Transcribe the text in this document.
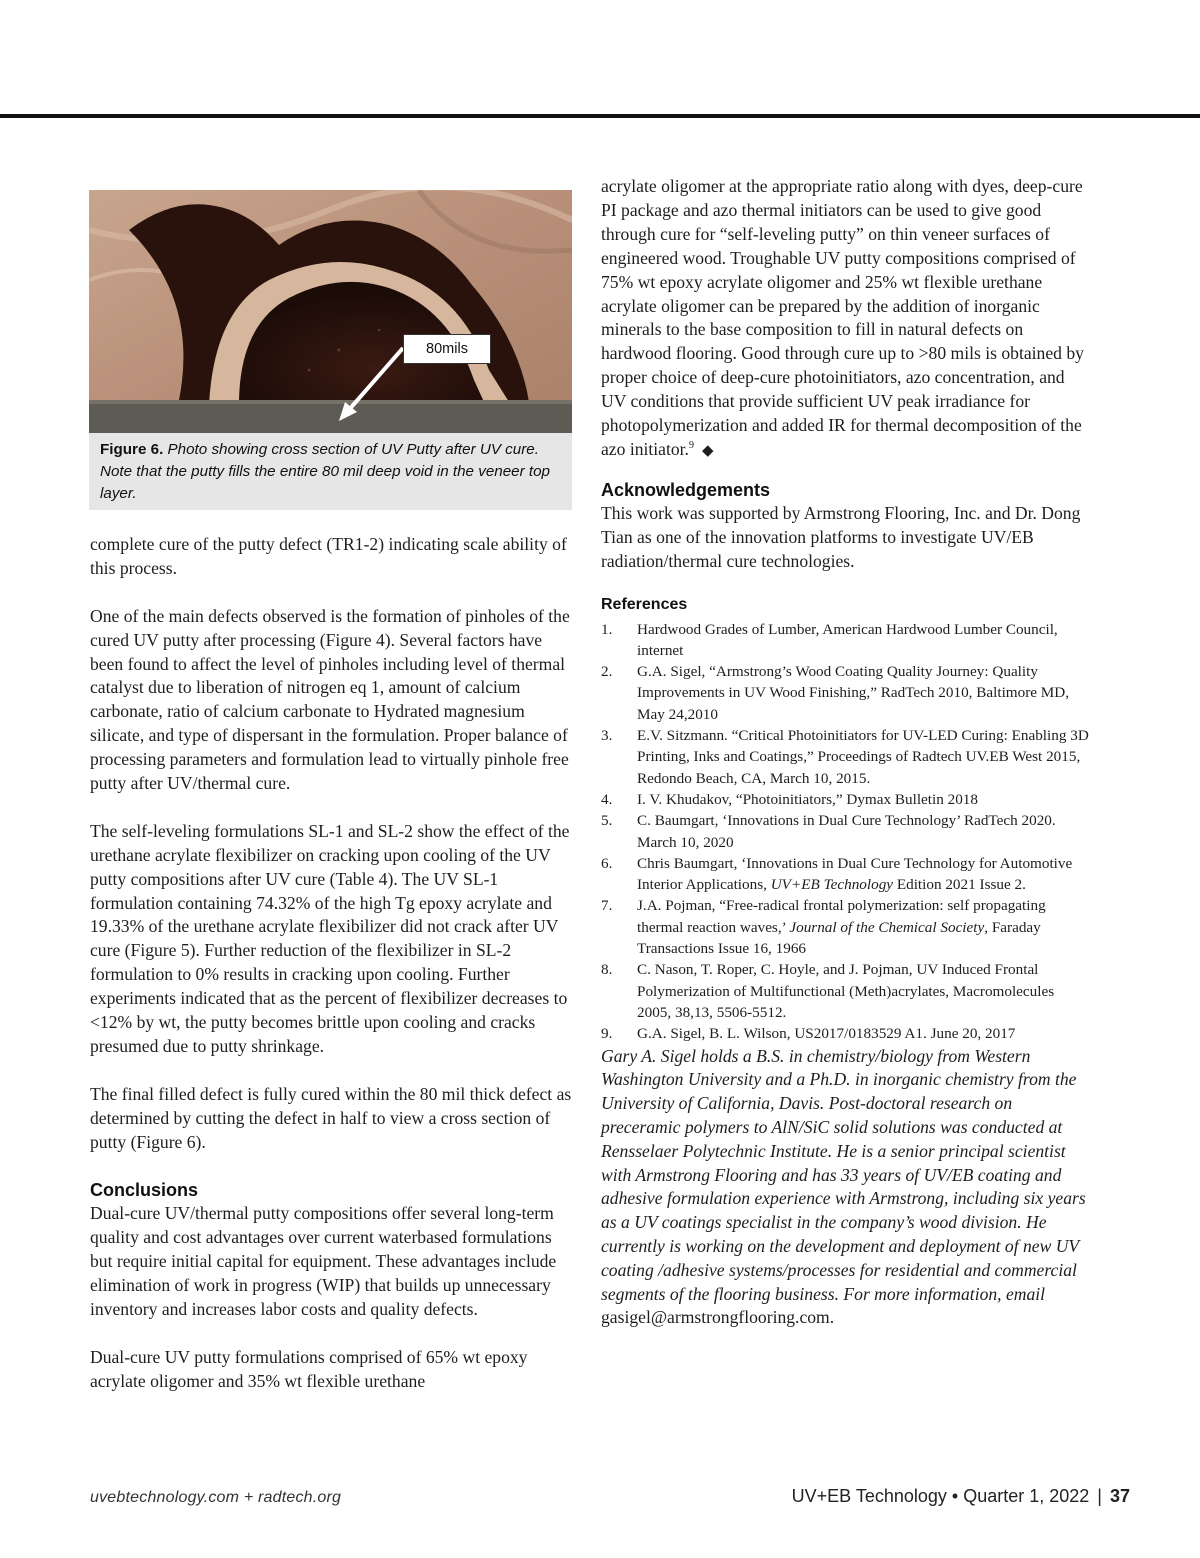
80mils
Figure 6. Photo showing cross section of UV Putty after UV cure. Note that the putty fills the entire 80 mil deep void in the veneer top layer.

complete cure of the putty defect (TR1-2) indicating scale ability of this process.

One of the main defects observed is the formation of pinholes of the cured UV putty after processing (Figure 4). Several factors have been found to affect the level of pinholes including level of thermal catalyst due to liberation of nitrogen eq 1, amount of calcium carbonate, ratio of calcium carbonate to Hydrated magnesium silicate, and type of dispersant in the formulation. Proper balance of processing parameters and formulation lead to virtually pinhole free putty after UV/thermal cure.

The self-leveling formulations SL-1 and SL-2 show the effect of the urethane acrylate flexibilizer on cracking upon cooling of the UV putty compositions after UV cure (Table 4). The UV SL-1 formulation containing 74.32% of the high Tg epoxy acrylate and 19.33% of the urethane acrylate flexibilizer did not crack after UV cure (Figure 5). Further reduction of the flexibilizer in SL-2 formulation to 0% results in cracking upon cooling. Further experiments indicated that as the percent of flexibilizer decreases to <12% by wt, the putty becomes brittle upon cooling and cracks presumed due to putty shrinkage.

The final filled defect is fully cured within the 80 mil thick defect as determined by cutting the defect in half to view a cross section of putty (Figure 6).

Conclusions

Dual-cure UV/thermal putty compositions offer several long-term quality and cost advantages over current waterbased formulations but require initial capital for equipment. These advantages include elimination of work in progress (WIP) that builds up unnecessary inventory and increases labor costs and quality defects.

Dual-cure UV putty formulations comprised of 65% wt epoxy acrylate oligomer and 35% wt flexible urethane

acrylate oligomer at the appropriate ratio along with dyes, deep-cure PI package and azo thermal initiators can be used to give good through cure for “self-leveling putty” on thin veneer surfaces of engineered wood. Troughable UV putty compositions comprised of 75% wt epoxy acrylate oligomer and 25% wt flexible urethane acrylate oligomer can be prepared by the addition of inorganic minerals to the base composition to fill in natural defects on hardwood flooring. Good through cure up to >80 mils is obtained by proper choice of deep-cure photoinitiators, azo concentration, and UV conditions that provide sufficient UV peak irradiance for photopolymerization and added IR for thermal decomposition of the azo initiator.$^9$ ◆

Acknowledgements

This work was supported by Armstrong Flooring, Inc. and Dr. Dong Tian as one of the innovation platforms to investigate UV/EB radiation/thermal cure technologies.

References
1. Hardwood Grades of Lumber, American Hardwood Lumber Council, internet
2. G.A. Sigel, “Armstrong’s Wood Coating Quality Journey: Quality Improvements in UV Wood Finishing,” RadTech 2010, Baltimore MD, May 24,2010
3. E.V. Sitzmann. “Critical Photoinitiators for UV-LED Curing: Enabling 3D Printing, Inks and Coatings,” Proceedings of Radtech UV.EB West 2015, Redondo Beach, CA, March 10, 2015.
4. I. V. Khudakov, “Photoinitiators,” Dymax Bulletin 2018
5. C. Baumgart, ‘Innovations in Dual Cure Technology’ RadTech 2020. March 10, 2020
6. Chris Baumgart, ‘Innovations in Dual Cure Technology for Automotive Interior Applications, UV+EB Technology Edition 2021 Issue 2.
7. J.A. Pojman, “Free-radical frontal polymerization: self propagating thermal reaction waves,’ Journal of the Chemical Society, Faraday Transactions Issue 16, 1966
8. C. Nason, T. Roper, C. Hoyle, and J. Pojman, UV Induced Frontal Polymerization of Multifunctional (Meth)acrylates, Macromolecules 2005, 38,13, 5506-5512.
9. G.A. Sigel, B. L. Wilson, US2017/0183529 A1. June 20, 2017

Gary A. Sigel holds a B.S. in chemistry/biology from Western Washington University and a Ph.D. in inorganic chemistry from the University of California, Davis. Post-doctoral research on preceramic polymers to AlN/SiC solid solutions was conducted at Rensselaer Polytechnic Institute. He is a senior principal scientist with Armstrong Flooring and has 33 years of UV/EB coating and adhesive formulation experience with Armstrong, including six years as a UV coatings specialist in the company’s wood division. He currently is working on the development and deployment of new UV coating /adhesive systems/processes for residential and commercial segments of the flooring business. For more information, email gasigel@armstrongflooring.com.

uvebtechnology.com + radtech.org	UV+EB Technology • Quarter 1, 2022 | 37
